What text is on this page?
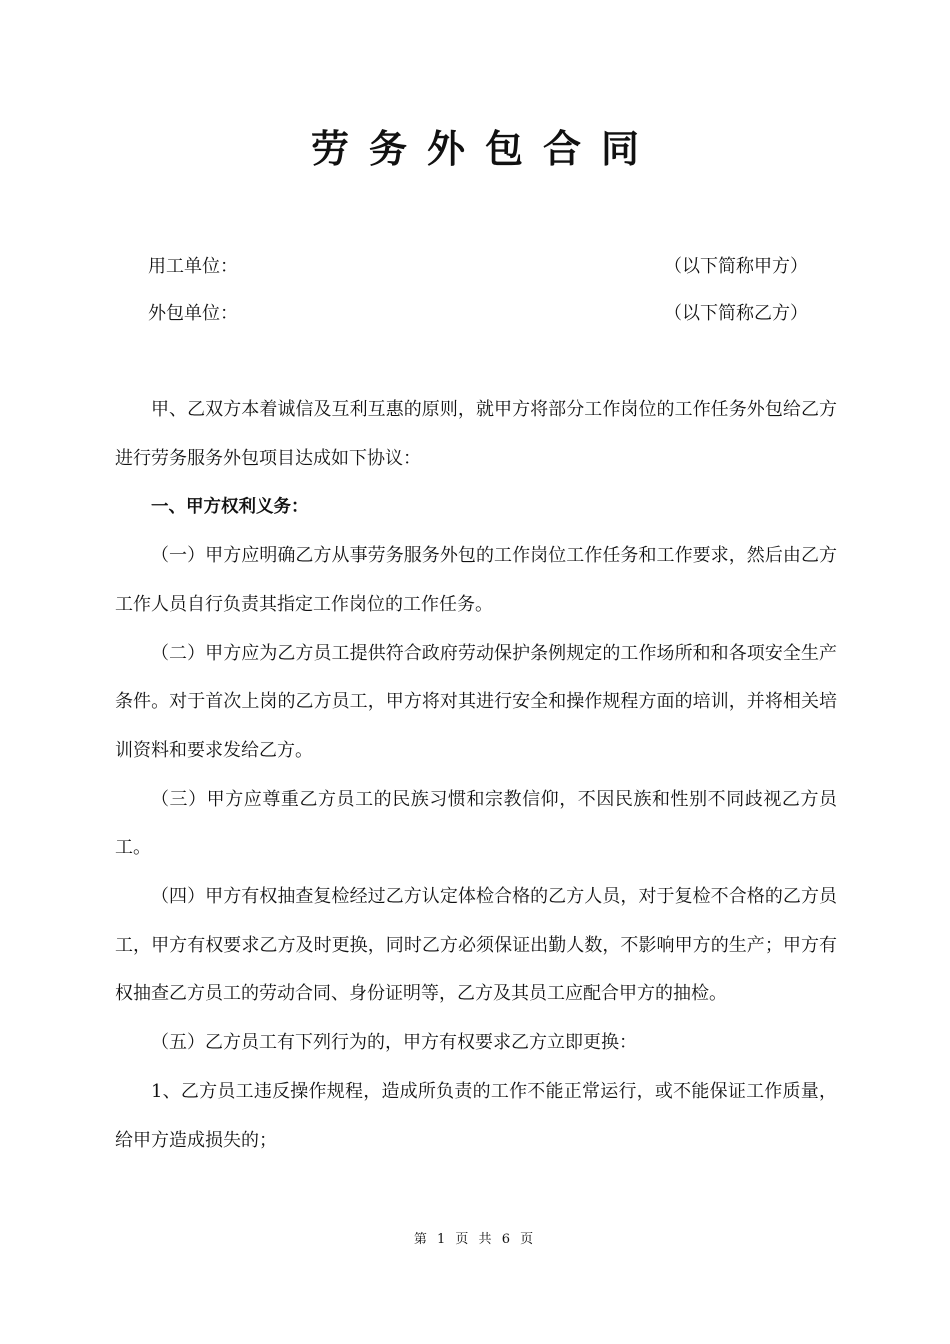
劳务外包合同
用工单位：	（以下简称甲方）
外包单位：	（以下简称乙方）

甲、乙双方本着诚信及互利互惠的原则，就甲方将部分工作岗位的工作任务外包给乙方进行劳务服务外包项目达成如下协议：

一、甲方权利义务：

（一）甲方应明确乙方从事劳务服务外包的工作岗位工作任务和工作要求，然后由乙方工作人员自行负责其指定工作岗位的工作任务。

（二）甲方应为乙方员工提供符合政府劳动保护条例规定的工作场所和和各项安全生产条件。对于首次上岗的乙方员工，甲方将对其进行安全和操作规程方面的培训，并将相关培训资料和要求发给乙方。

（三）甲方应尊重乙方员工的民族习惯和宗教信仰，不因民族和性别不同歧视乙方员工。

（四）甲方有权抽查复检经过乙方认定体检合格的乙方人员，对于复检不合格的乙方员工，甲方有权要求乙方及时更换，同时乙方必须保证出勤人数，不影响甲方的生产；甲方有权抽查乙方员工的劳动合同、身份证明等，乙方及其员工应配合甲方的抽检。

（五）乙方员工有下列行为的，甲方有权要求乙方立即更换：

1、乙方员工违反操作规程，造成所负责的工作不能正常运行，或不能保证工作质量，给甲方造成损失的；

第 1 页 共 6 页
